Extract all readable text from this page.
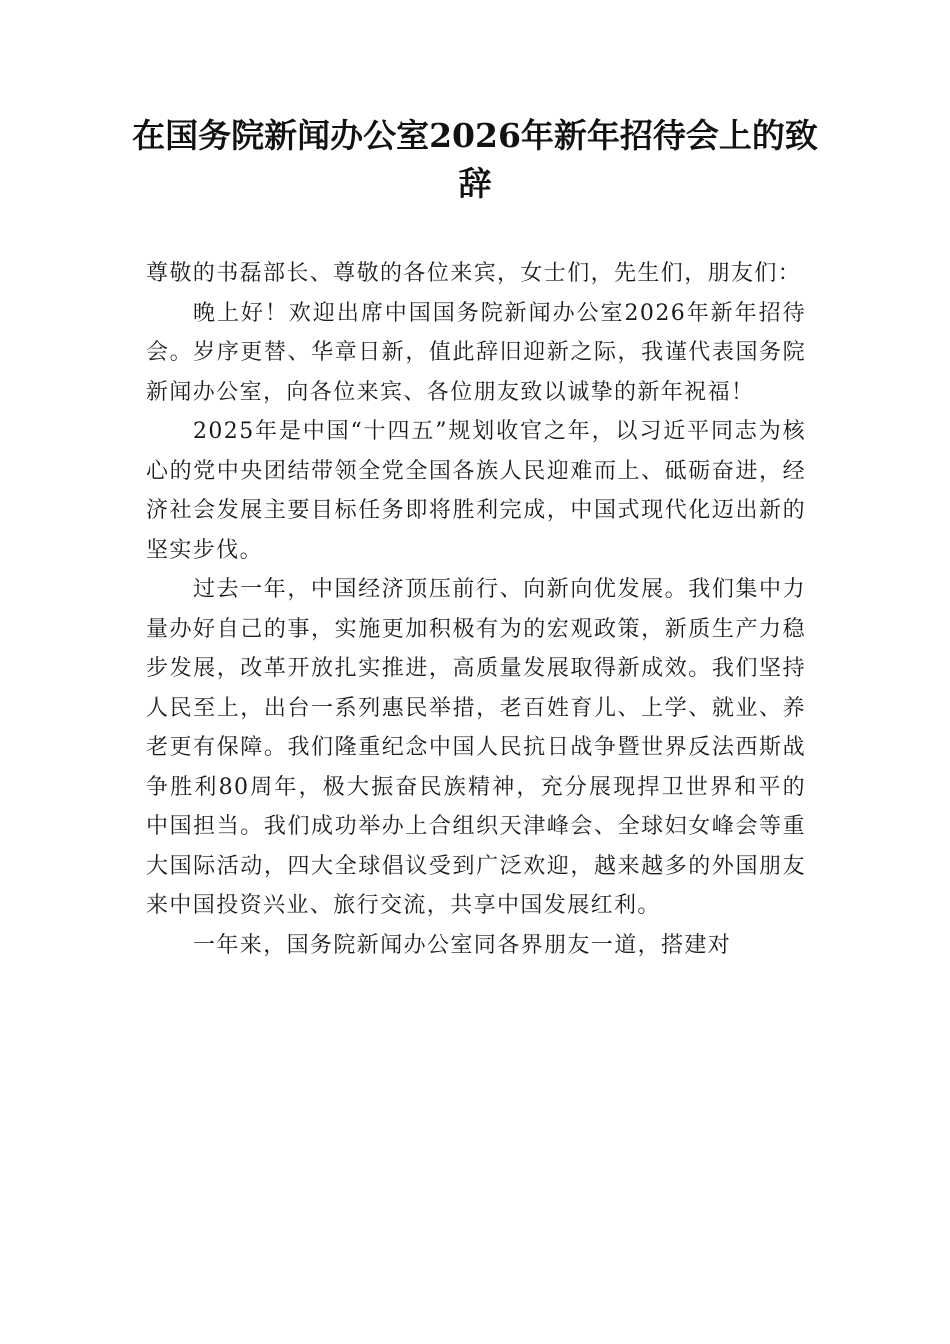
在国务院新闻办公室2026年新年招待会上的致辞

尊敬的书磊部长、尊敬的各位来宾，女士们，先生们，朋友们：

晚上好！欢迎出席中国国务院新闻办公室2026年新年招待会。岁序更替、华章日新，值此辞旧迎新之际，我谨代表国务院新闻办公室，向各位来宾、各位朋友致以诚挚的新年祝福！

2025年是中国“十四五”规划收官之年，以习近平同志为核心的党中央团结带领全党全国各族人民迎难而上、砥砺奋进，经济社会发展主要目标任务即将胜利完成，中国式现代化迈出新的坚实步伐。

过去一年，中国经济顶压前行、向新向优发展。我们集中力量办好自己的事，实施更加积极有为的宏观政策，新质生产力稳步发展，改革开放扎实推进，高质量发展取得新成效。我们坚持人民至上，出台一系列惠民举措，老百姓育儿、上学、就业、养老更有保障。我们隆重纪念中国人民抗日战争暨世界反法西斯战争胜利80周年，极大振奋民族精神，充分展现捍卫世界和平的中国担当。我们成功举办上合组织天津峰会、全球妇女峰会等重大国际活动，四大全球倡议受到广泛欢迎，越来越多的外国朋友来中国投资兴业、旅行交流，共享中国发展红利。

一年来，国务院新闻办公室同各界朋友一道，搭建对
